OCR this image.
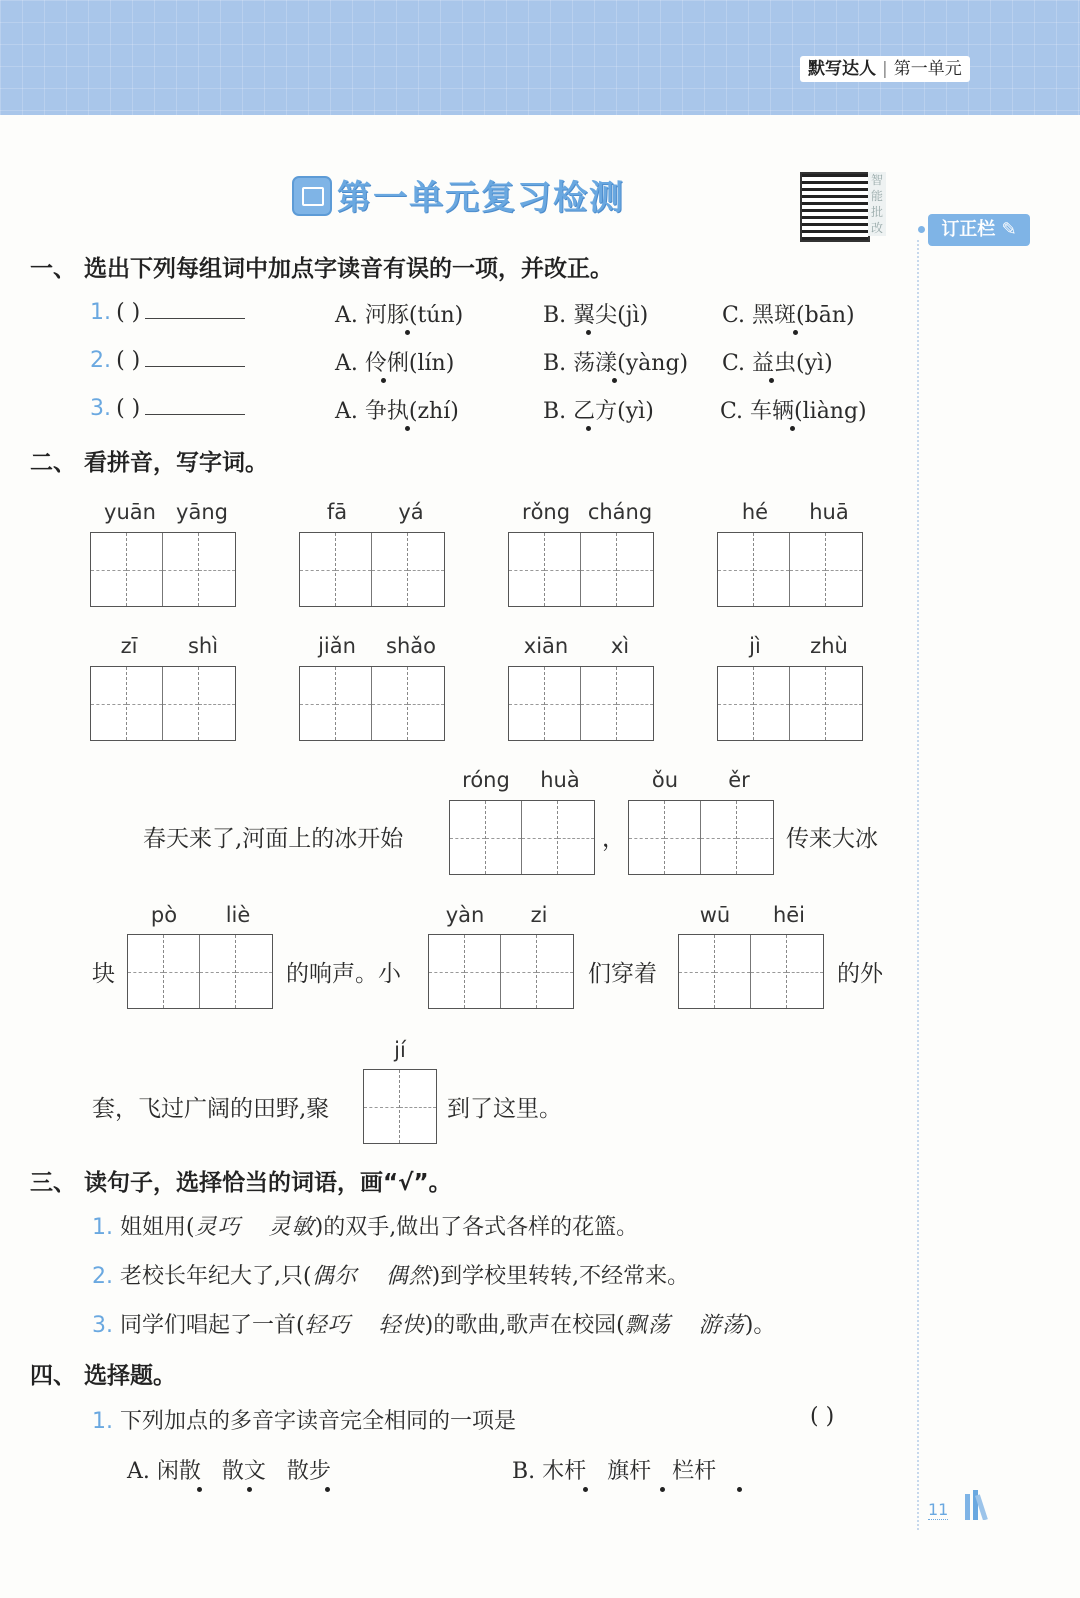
默写达人 | 第一单元
第一单元复习检测	智
能
批
改	订正栏 ✎
一、 选出下列每组词中加点字读音有误的一项，并改正。
1. ( )	A. 河豚(tún)	B. 翼尖(jì)	C. 黑斑(bān)
2. ( )	A. 伶俐(lín)	B. 荡漾(yàng) C. 益虫(yì)
3. ( )	A. 争执(zhí)	B. 乙方(yì)	C. 车辆(liàng)
二、 看拼音，写字词。
yuān yāng	fā	yá	rǒng cháng	hé	huā
zī	shì	jiǎn	shǎo	xiān	xì	jì	zhù
róng	huà	ǒu	ěr
春天来了,河面上的冰开始	，	传来大冰
pò	liè	yàn	zi	wū	hēi
块	的响声。小	们穿着	的外
jí
套，飞过广阔的田野,聚	到了这里。
三、 读句子，选择恰当的词语，画“√”。
1. 姐姐用(灵巧 灵敏)的双手,做出了各式各样的花篮。
2. 老校长年纪大了,只(偶尔 偶然)到学校里转转,不经常来。
3. 同学们唱起了一首(轻巧 轻快)的歌曲,歌声在校园(飘荡 游荡)。
四、 选择题。
1. 下列加点的多音字读音完全相同的一项是	( )
A. 闲散 散文 散步	B. 木杆 旗杆 栏杆
11
